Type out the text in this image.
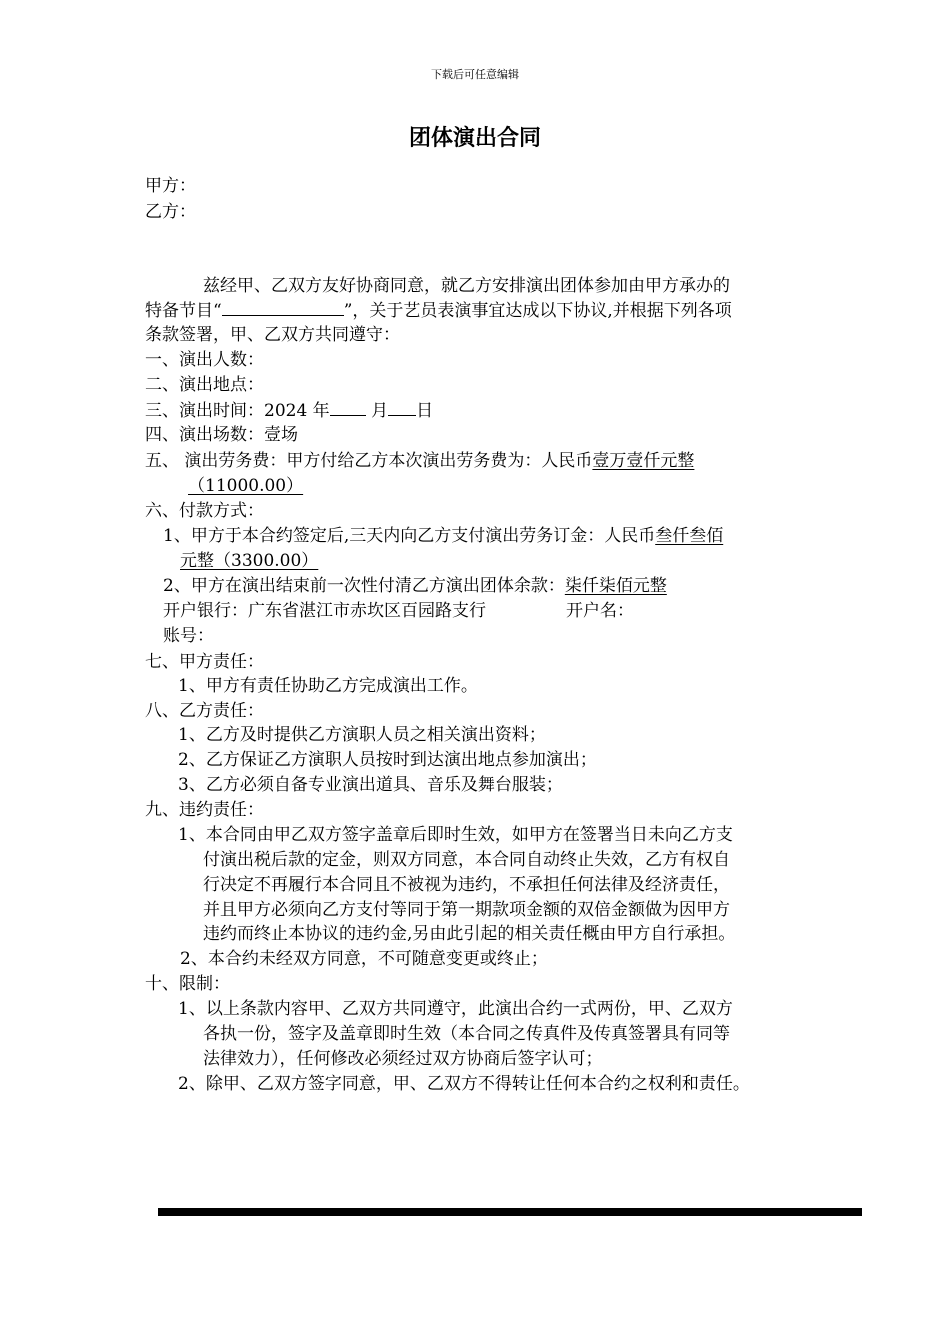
下载后可任意编辑
团体演出合同
甲方：
乙方：
兹经甲、乙双方友好协商同意，就乙方安排演出团体参加由甲方承办的
特备节目“	”，关于艺员表演事宜达成以下协议,并根据下列各项
条款签署，甲、乙双方共同遵守：
一、演出人数：
二、演出地点：
三、演出时间：2024 年 月 日
四、演出场数：壹场
五、 演出劳务费：甲方付给乙方本次演出劳务费为：人民币壹万壹仟元整
（11000.00）
六、付款方式：
1、甲方于本合约签定后,三天内向乙方支付演出劳务订金：人民币叁仟叁佰
元整（3300.00）
2、甲方在演出结束前一次性付清乙方演出团体余款：柒仟柒佰元整
开户银行：广东省湛江市赤坎区百园路支行	开户名：
账号：
七、甲方责任：
1、甲方有责任协助乙方完成演出工作。
八、乙方责任：
1、乙方及时提供乙方演职人员之相关演出资料；
2、乙方保证乙方演职人员按时到达演出地点参加演出；
3、乙方必须自备专业演出道具、音乐及舞台服装；
九、违约责任：
1、本合同由甲乙双方签字盖章后即时生效，如甲方在签署当日未向乙方支
付演出税后款的定金，则双方同意，本合同自动终止失效，乙方有权自
行决定不再履行本合同且不被视为违约，不承担任何法律及经济责任，
并且甲方必须向乙方支付等同于第一期款项金额的双倍金额做为因甲方
违约而终止本协议的违约金,另由此引起的相关责任概由甲方自行承担。
2、本合约未经双方同意，不可随意变更或终止；
十、限制：
1、以上条款内容甲、乙双方共同遵守，此演出合约一式两份，甲、乙双方
各执一份，签字及盖章即时生效（本合同之传真件及传真签署具有同等
法律效力），任何修改必须经过双方协商后签字认可；
2、除甲、乙双方签字同意，甲、乙双方不得转让任何本合约之权利和责任。
